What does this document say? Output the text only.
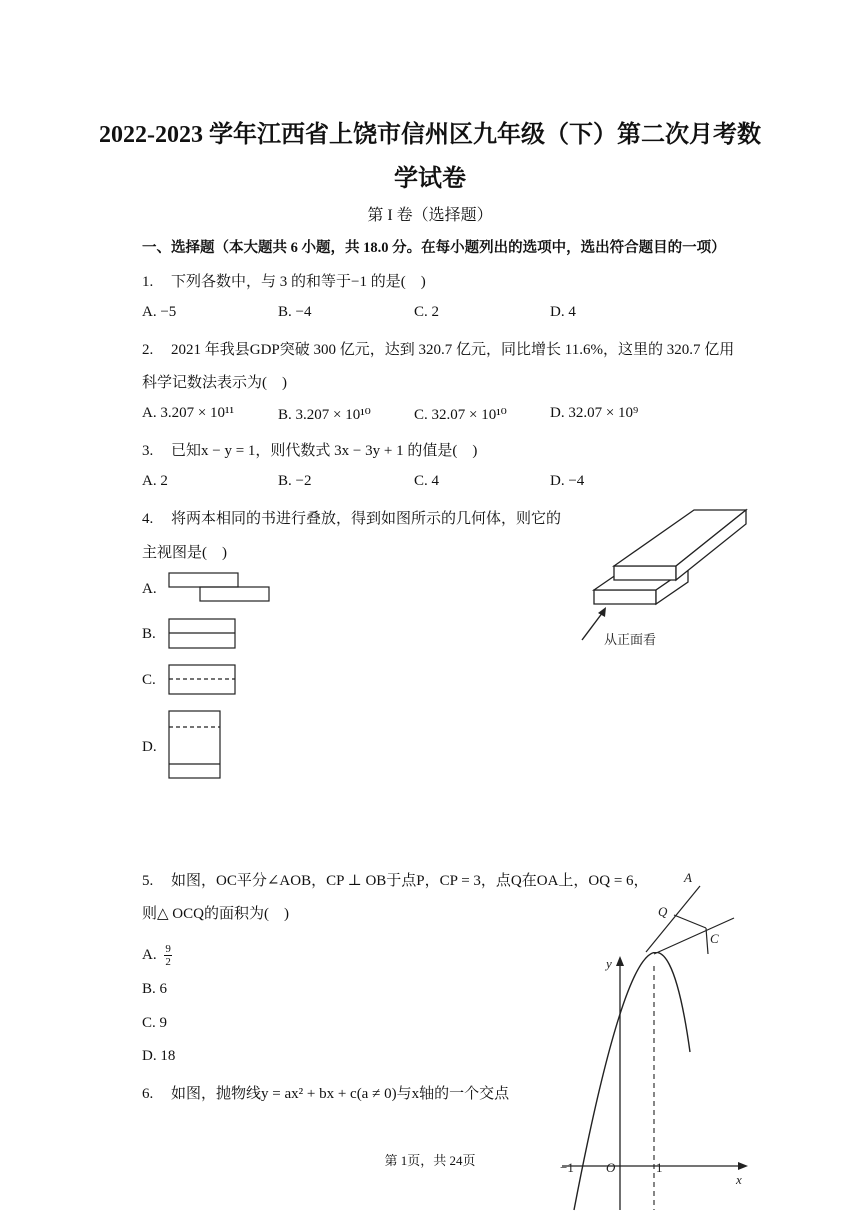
2022-2023 学年江西省上饶市信州区九年级（下）第二次月考数
学试卷
第 I 卷（选择题）
一、选择题（本大题共 6 小题，共 18.0 分。在每小题列出的选项中，选出符合题目的一项）
1. 下列各数中，与 3 的和等于−1 的是( )
A. −5	B. −4	C. 2	D. 4
2. 2021 年我县GDP突破 300 亿元，达到 320.7 亿元，同比增长 11.6%，这里的 320.7 亿用
科学记数法表示为( )
A. 3.207 × 10¹¹	B. 3.207 × 10¹⁰	C. 32.07 × 10¹⁰	D. 32.07 × 10⁹
3. 已知x − y = 1，则代数式 3x − 3y + 1 的值是( )
A. 2	B. −2	C. 4	D. −4
4. 将两本相同的书进行叠放，得到如图所示的几何体，则它的
主视图是( )
A.
B.
C.
D.
从正面看
5. 如图，OC平分∠AOB，CP ⊥ OB于点P，CP = 3，点Q在OA上，OQ = 6，
则△ OCQ的面积为( )
A. $\frac{9}{2}$
B. 6
C. 9
D. 18
A
Q
C
6. 如图，抛物线y = ax² + bx + c(a ≠ 0)与x轴的一个交点
y
x
−1 O	1
第 1页，共 24页
